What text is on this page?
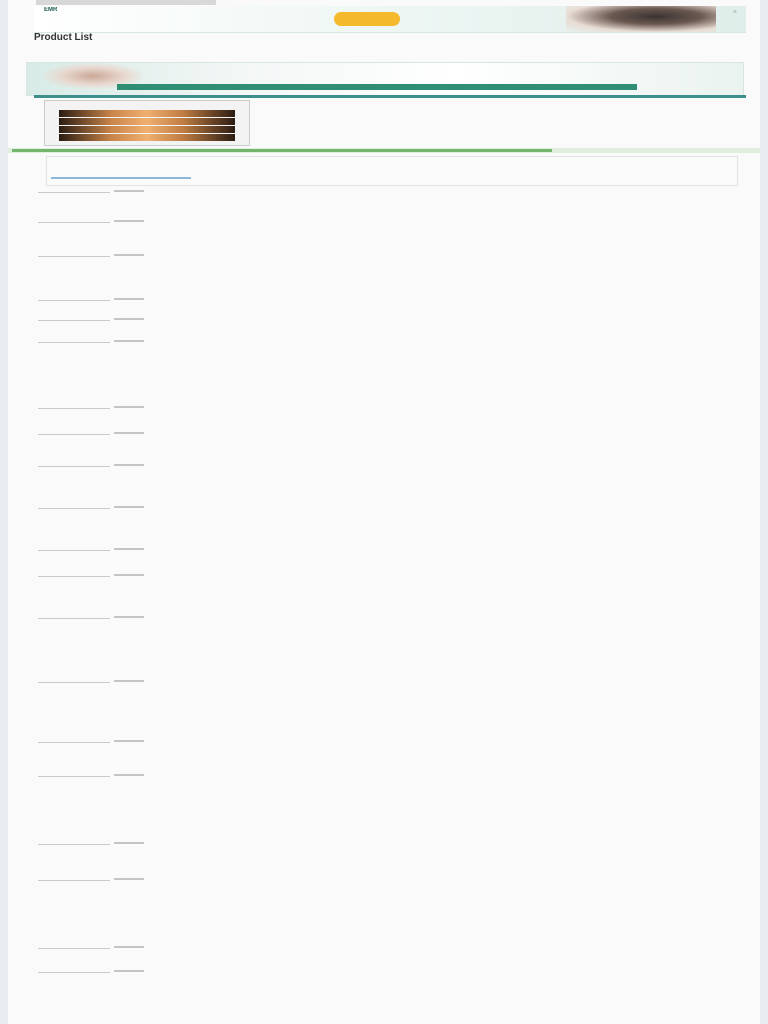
EMR	×
Product List
